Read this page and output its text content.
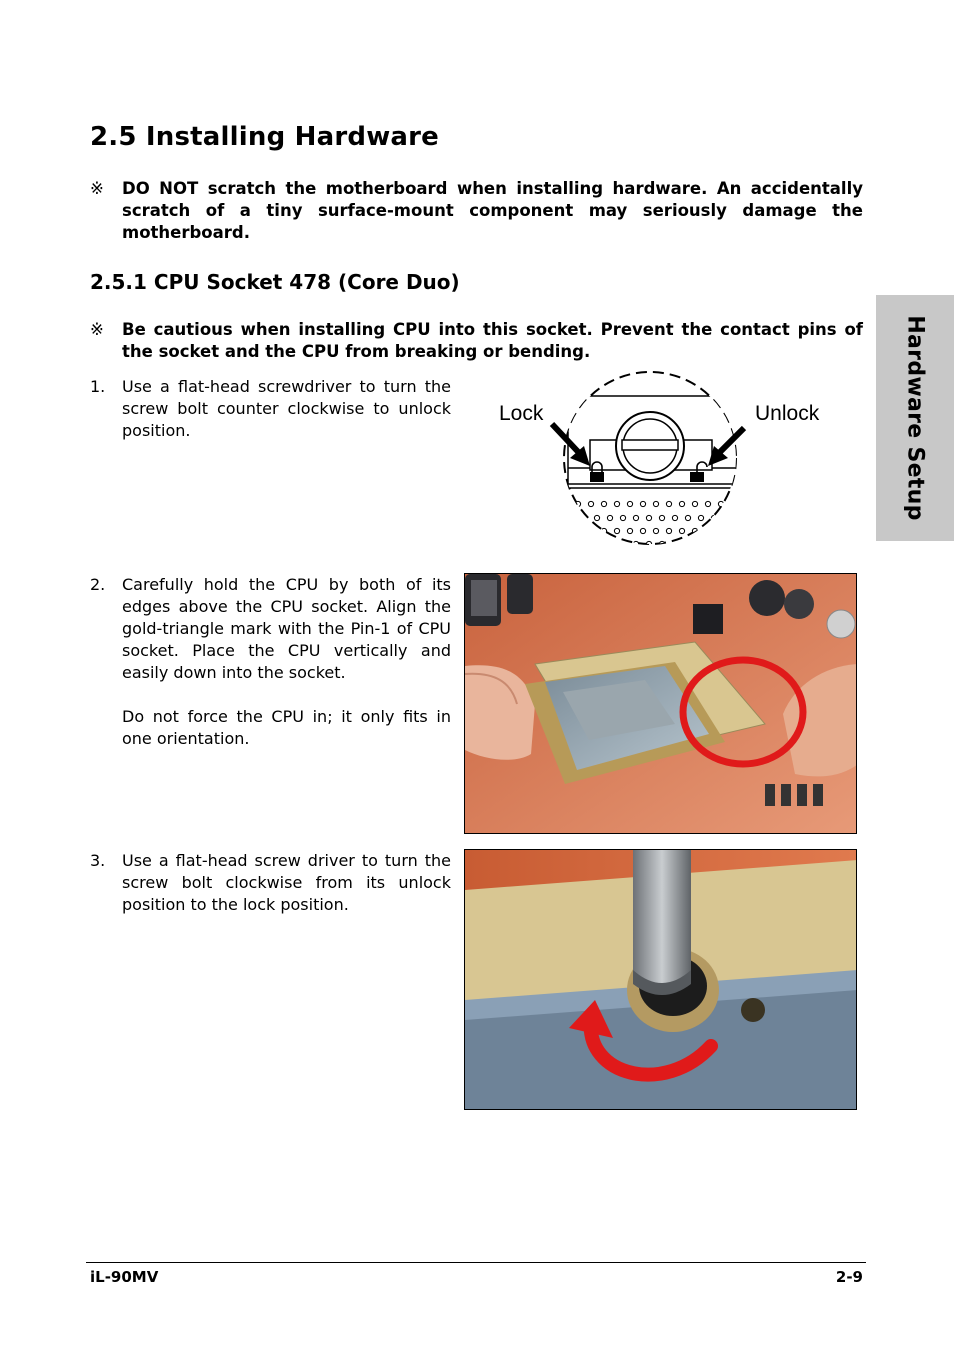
2.5 Installing Hardware
※	DO NOT scratch the motherboard when installing hardware. An accidentally scratch of a tiny surface-mount component may seriously damage the motherboard.
2.5.1 CPU Socket 478 (Core Duo)
※	Be cautious when installing CPU into this socket. Prevent the contact pins of the socket and the CPU from breaking or bending.	Hardware Setup
1. Use a flat-head screwdriver to turn the screw bolt counter clockwise to unlock position.

Lock	Unlock
2. Carefully hold the CPU by both of its edges above the CPU socket. Align the gold-triangle mark with the Pin-1 of CPU socket. Place the CPU vertically and easily down into the socket.

Do not force the CPU in; it only fits in one orientation.

3. Use a flat-head screw driver to turn the screw bolt clockwise from its unlock position to the lock position.

iL-90MV	2-9
